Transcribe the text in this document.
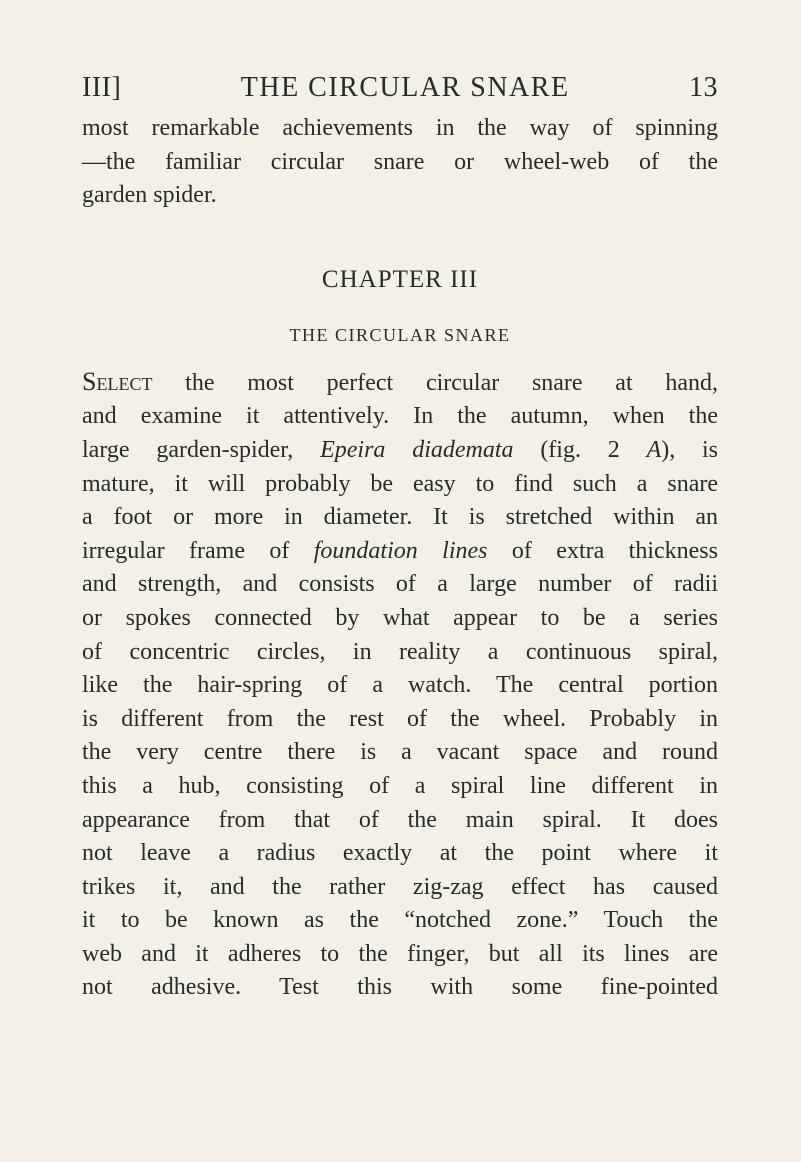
III]	THE CIRCULAR SNARE	13
most remarkable achievements in the way of spinning
—the familiar circular snare or wheel-web of the
garden spider.
CHAPTER III
THE CIRCULAR SNARE
Select the most perfect circular snare at hand,
and examine it attentively. In the autumn, when the
large garden-spider, Epeira diademata (fig. 2 A), is
mature, it will probably be easy to find such a snare
a foot or more in diameter. It is stretched within an
irregular frame of foundation lines of extra thickness
and strength, and consists of a large number of radii
or spokes connected by what appear to be a series
of concentric circles, in reality a continuous spiral,
like the hair-spring of a watch. The central portion
is different from the rest of the wheel. Probably in
the very centre there is a vacant space and round
this a hub, consisting of a spiral line different in
appearance from that of the main spiral. It does
not leave a radius exactly at the point where it
trikes it, and the rather zig-zag effect has caused
it to be known as the “notched zone.” Touch the
web and it adheres to the finger, but all its lines are
not adhesive. Test this with some fine-pointed
